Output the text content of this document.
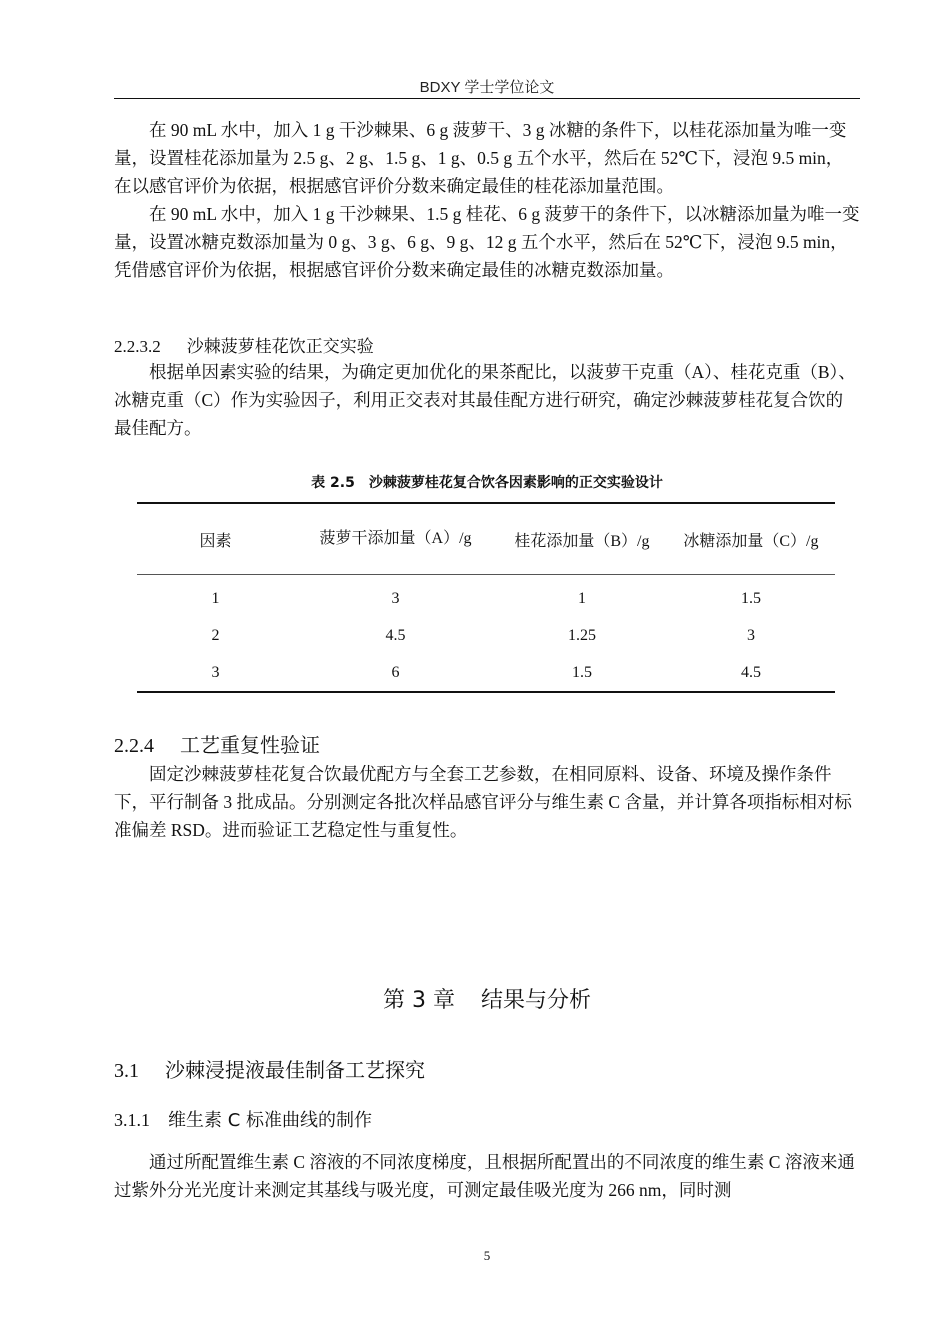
BDXY 学士学位论文

在 90 mL 水中，加入 1 g 干沙棘果、6 g 菠萝干、3 g 冰糖的条件下，以桂花添加量为唯一变量，设置桂花添加量为 2.5 g、2 g、1.5 g、1 g、0.5 g 五个水平，然后在 52℃下，浸泡 9.5 min，在以感官评价为依据，根据感官评价分数来确定最佳的桂花添加量范围。

在 90 mL 水中，加入 1 g 干沙棘果、1.5 g 桂花、6 g 菠萝干的条件下，以冰糖添加量为唯一变量，设置冰糖克数添加量为 0 g、3 g、6 g、9 g、12 g 五个水平，然后在 52℃下，浸泡 9.5 min，凭借感官评价为依据，根据感官评价分数来确定最佳的冰糖克数添加量。

2.2.3.2 沙棘菠萝桂花饮正交实验

根据单因素实验的结果，为确定更加优化的果茶配比，以菠萝干克重（A）、桂花克重（B）、冰糖克重（C）作为实验因子，利用正交表对其最佳配方进行研究，确定沙棘菠萝桂花复合饮的最佳配方。

表 2.5　沙棘菠萝桂花复合饮各因素影响的正交实验设计
因素	菠萝干添加量（A）/g	桂花添加量（B）/g	冰糖添加量（C）/g
1	3	1	1.5
2	4.5	1.25	3
3	6	1.5	4.5
2.2.4 工艺重复性验证

固定沙棘菠萝桂花复合饮最优配方与全套工艺参数，在相同原料、设备、环境及操作条件下，平行制备 3 批成品。分别测定各批次样品感官评分与维生素 C 含量，并计算各项指标相对标准偏差 RSD。进而验证工艺稳定性与重复性。

第 3 章 结果与分析
3.1 沙棘浸提液最佳制备工艺探究
3.1.1 维生素 C 标准曲线的制作

通过所配置维生素 C 溶液的不同浓度梯度，且根据所配置出的不同浓度的维生素 C 溶液来通过紫外分光光度计来测定其基线与吸光度，可测定最佳吸光度为 266 nm，同时测

5
